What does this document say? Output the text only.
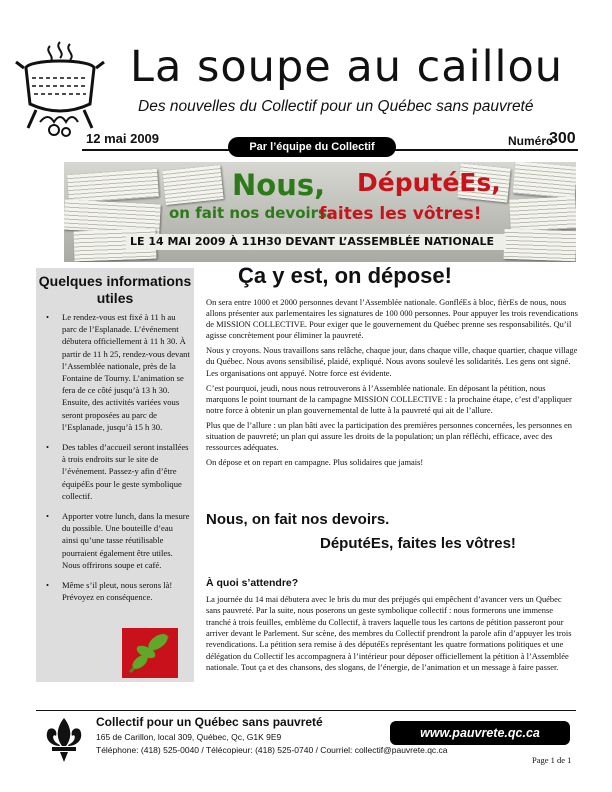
La soupe au caillou
Des nouvelles du Collectif pour un Québec sans pauvreté
12 mai 2009	Numéro
300
Par l’équipe du Collectif
Nous, DéputéEs,
on fait nos devoirs.
faites les vôtres!
LE 14 MAI 2009 À 11H30 DEVANT L’ASSEMBLÉE NATIONALE
Quelques informations utiles
• Le rendez-vous est fixé à 11 h au parc de l’Esplanade. L’événement débutera officiellement à 11 h 30. À partir de 11 h 25, rendez-vous devant l’Assemblée nationale, près de la Fontaine de Tourny. L’animation se fera de ce côté jusqu’à 13 h 30. Ensuite, des activités variées vous seront proposées au parc de l’Esplanade, jusqu’à 15 h 30.
• Des tables d’accueil seront installées à trois endroits sur le site de l’événement. Passez-y afin d’être équipéEs pour le geste symbolique collectif.
• Apporter votre lunch, dans la mesure du possible. Une bouteille d’eau ainsi qu’une tasse réutilisable pourraient également être utiles. Nous offrirons soupe et café.
• Même s’il pleut, nous serons là! Prévoyez en conséquence.
Ça y est, on dépose!

On sera entre 1000 et 2000 personnes devant l’Assemblée nationale. GonfléEs à bloc, fièrEs de nous, nous allons présenter aux parlementaires les signatures de 100 000 personnes. Pour appuyer les trois revendications de MISSION COLLECTIVE. Pour exiger que le gouvernement du Québec prenne ses responsabilités. Qu’il agisse concrètement pour éliminer la pauvreté.

Nous y croyons. Nous travaillons sans relâche, chaque jour, dans chaque ville, chaque quartier, chaque village du Québec. Nous avons sensibilisé, plaidé, expliqué. Nous avons soulevé les solidarités. Les gens ont signé. Les organisations ont appuyé. Notre force est évidente.

C’est pourquoi, jeudi, nous nous retrouverons à l’Assemblée nationale. En déposant la pétition, nous marquons le point tournant de la campagne MISSION COLLECTIVE : la prochaine étape, c’est d’appliquer notre force à obtenir un plan gouvernemental de lutte à la pauvreté qui ait de l’allure.

Plus que de l’allure : un plan bâti avec la participation des premières personnes concernées, les personnes en situation de pauvreté; un plan qui assure les droits de la population; un plan réfléchi, efficace, avec des ressources adéquates.

On dépose et on repart en campagne. Plus solidaires que jamais!

Nous, on fait nos devoirs.
DéputéEs, faites les vôtres!
À quoi s’attendre?

La journée du 14 mai débutera avec le bris du mur des préjugés qui empêchent d’avancer vers un Québec sans pauvreté. Par la suite, nous poserons un geste symbolique collectif : nous formerons une immense tranché à trois feuilles, emblème du Collectif, à travers laquelle tous les cartons de pétition passeront pour arriver devant le Parlement. Sur scène, des membres du Collectif prendront la parole afin d’appuyer les trois revendications. La pétition sera remise à des députéEs représentant les quatre formations politiques et une délégation du Collectif les accompagnera à l’intérieur pour déposer officiellement la pétition à l’Assemblée nationale. Tout ça et des chansons, des slogans, de l’énergie, de l’animation et un message à faire passer.

Collectif pour un Québec sans pauvreté
165 de Carillon, local 309, Québec, Qc, G1K 9E9
Téléphone: (418) 525-0040 / Télécopieur: (418) 525-0740 / Courriel: collectif@pauvrete.qc.ca
www.pauvrete.qc.ca
Page 1 de 1
